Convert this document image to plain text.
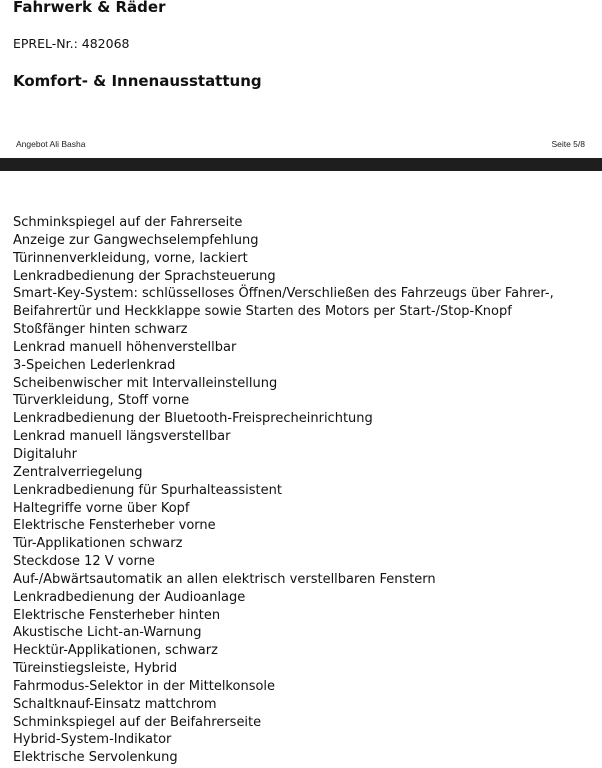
Fahrwerk & Räder
EPREL-Nr.: 482068
Komfort- & Innenausstattung
Angebot Ali Basha	Seite 5/8
Schminkspiegel auf der Fahrerseite
Anzeige zur Gangwechselempfehlung
Türinnenverkleidung, vorne, lackiert
Lenkradbedienung der Sprachsteuerung
Smart-Key-System: schlüsselloses Öffnen/Verschließen des Fahrzeugs über Fahrer-,
Beifahrertür und Heckklappe sowie Starten des Motors per Start-/Stop-Knopf
Stoßfänger hinten schwarz
Lenkrad manuell höhenverstellbar
3-Speichen Lederlenkrad
Scheibenwischer mit Intervalleinstellung
Türverkleidung, Stoff vorne
Lenkradbedienung der Bluetooth-Freisprecheinrichtung
Lenkrad manuell längsverstellbar
Digitaluhr
Zentralverriegelung
Lenkradbedienung für Spurhalteassistent
Haltegriffe vorne über Kopf
Elektrische Fensterheber vorne
Tür-Applikationen schwarz
Steckdose 12 V vorne
Auf-/Abwärtsautomatik an allen elektrisch verstellbaren Fenstern
Lenkradbedienung der Audioanlage
Elektrische Fensterheber hinten
Akustische Licht-an-Warnung
Hecktür-Applikationen, schwarz
Türeinstiegsleiste, Hybrid
Fahrmodus-Selektor in der Mittelkonsole
Schaltknauf-Einsatz mattchrom
Schminkspiegel auf der Beifahrerseite
Hybrid-System-Indikator
Elektrische Servolenkung
